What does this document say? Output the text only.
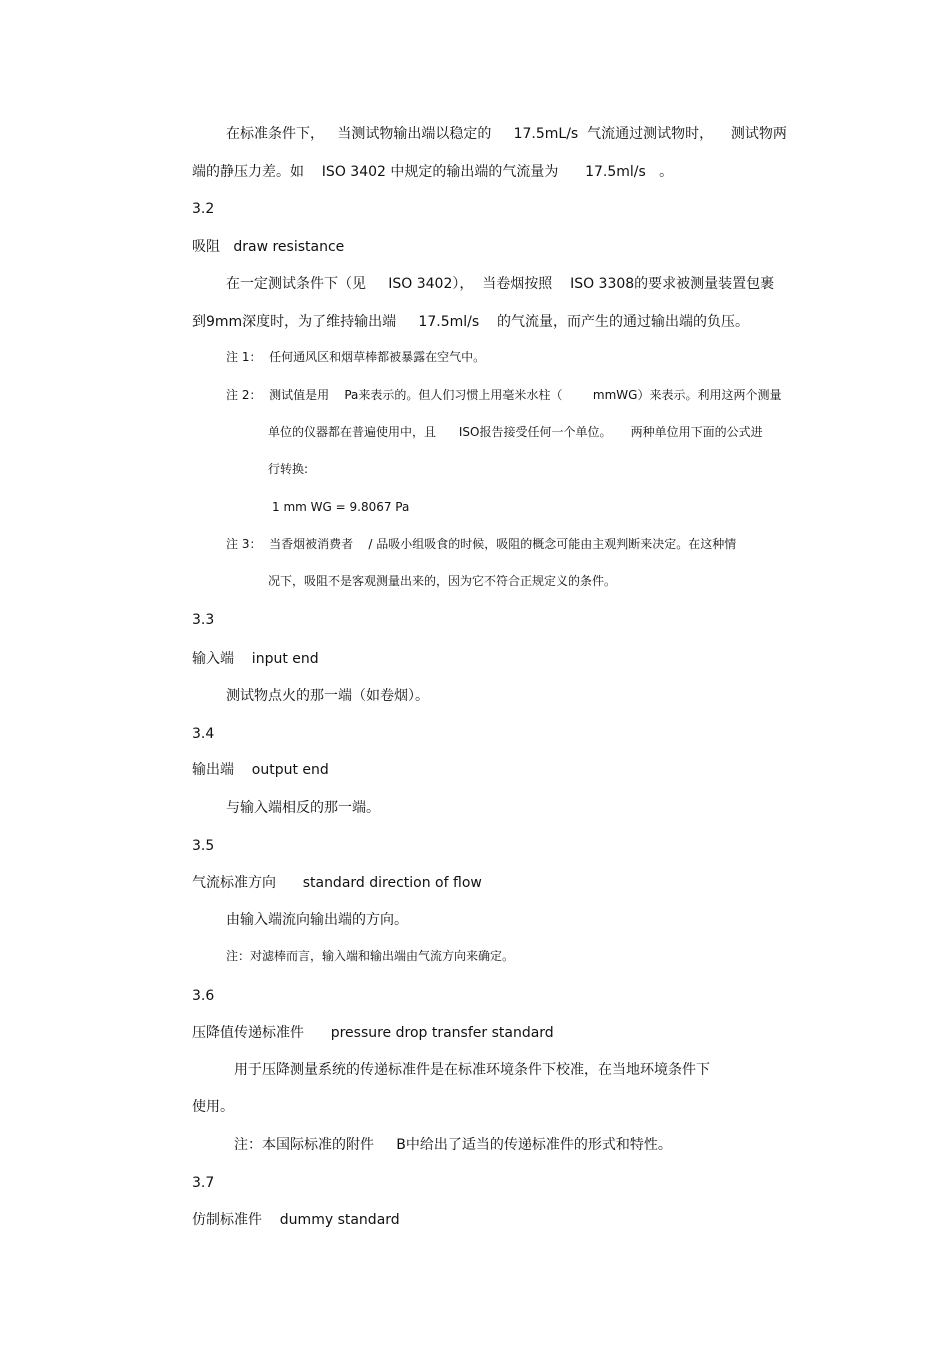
在标准条件下，   当测试物输出端以稳定的     17.5mL/s  气流通过测试物时，    测试物两
端的静压力差。如    ISO 3402 中规定的输出端的气流量为      17.5ml/s   。
3.2
吸阻   draw resistance
在一定测试条件下（见     ISO 3402），  当卷烟按照    ISO 3308的要求被测量装置包裹
到9mm深度时，为了维持输出端     17.5ml/s    的气流量，而产生的通过输出端的负压。
注 1：  任何通风区和烟草棒都被暴露在空气中。
注 2：  测试值是用    Pa来表示的。但人们习惯上用毫米水柱（        mmWG）来表示。利用这两个测量
单位的仪器都在普遍使用中，且      ISO报告接受任何一个单位。     两种单位用下面的公式进
行转换:
1 mm WG = 9.8067 Pa
注 3：  当香烟被消费者    / 品吸小组吸食的时候，吸阻的概念可能由主观判断来决定。在这种情
况下，吸阻不是客观测量出来的，因为它不符合正规定义的条件。
3.3
输入端    input end
测试物点火的那一端（如卷烟）。
3.4
输出端    output end
与输入端相反的那一端。
3.5
气流标准方向      standard direction of flow
由输入端流向输出端的方向。
注：对滤棒而言，输入端和输出端由气流方向来确定。
3.6
压降值传递标准件      pressure drop transfer standard
用于压降测量系统的传递标准件是在标准环境条件下校准，在当地环境条件下
使用。
注：本国际标准的附件     B中给出了适当的传递标准件的形式和特性。
3.7
仿制标准件    dummy standard
